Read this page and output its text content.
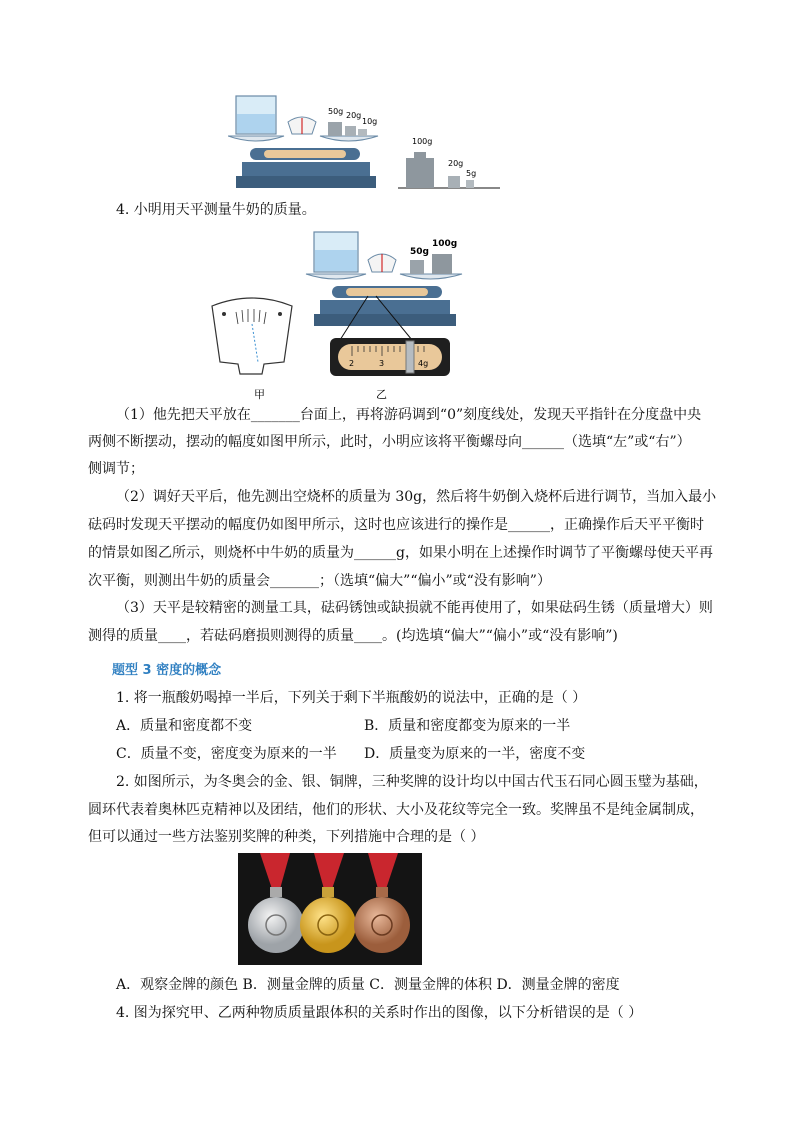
50g 20g
10g
100g
20g
5g
4. 小明用天平测量牛奶的质量。
甲
50g
100g
2	3	4g
乙
（1）他先把天平放在_______台面上，再将游码调到“0”刻度线处，发现天平指针在分度盘中央
两侧不断摆动，摆动的幅度如图甲所示，此时，小明应该将平衡螺母向______（选填“左”或“右”）
侧调节；
（2）调好天平后，他先测出空烧杯的质量为 30g，然后将牛奶倒入烧杯后进行调节，当加入最小
砝码时发现天平摆动的幅度仍如图甲所示，这时也应该进行的操作是______，正确操作后天平平衡时
的情景如图乙所示，则烧杯中牛奶的质量为______g，如果小明在上述操作时调节了平衡螺母使天平再
次平衡，则测出牛奶的质量会_______；（选填“偏大”“偏小”或“没有影响”）
（3）天平是较精密的测量工具，砝码锈蚀或缺损就不能再使用了，如果砝码生锈（质量增大）则
测得的质量____，若砝码磨损则测得的质量____。(均选填“偏大”“偏小”或“没有影响”)
题型 3 密度的概念
1. 将一瓶酸奶喝掉一半后，下列关于剩下半瓶酸奶的说法中，正确的是（ ）
A．质量和密度都不变	B．质量和密度都变为原来的一半
C．质量不变，密度变为原来的一半 D．质量变为原来的一半，密度不变
2. 如图所示，为冬奥会的金、银、铜牌，三种奖牌的设计均以中国古代玉石同心圆玉璧为基础，
圆环代表着奥林匹克精神以及团结，他们的形状、大小及花纹等完全一致。奖牌虽不是纯金属制成，
但可以通过一些方法鉴别奖牌的种类，下列措施中合理的是（ ）
A．观察金牌的颜色 B．测量金牌的质量 C．测量金牌的体积 D．测量金牌的密度
4. 图为探究甲、乙两种物质质量跟体积的关系时作出的图像，以下分析错误的是（ ）
